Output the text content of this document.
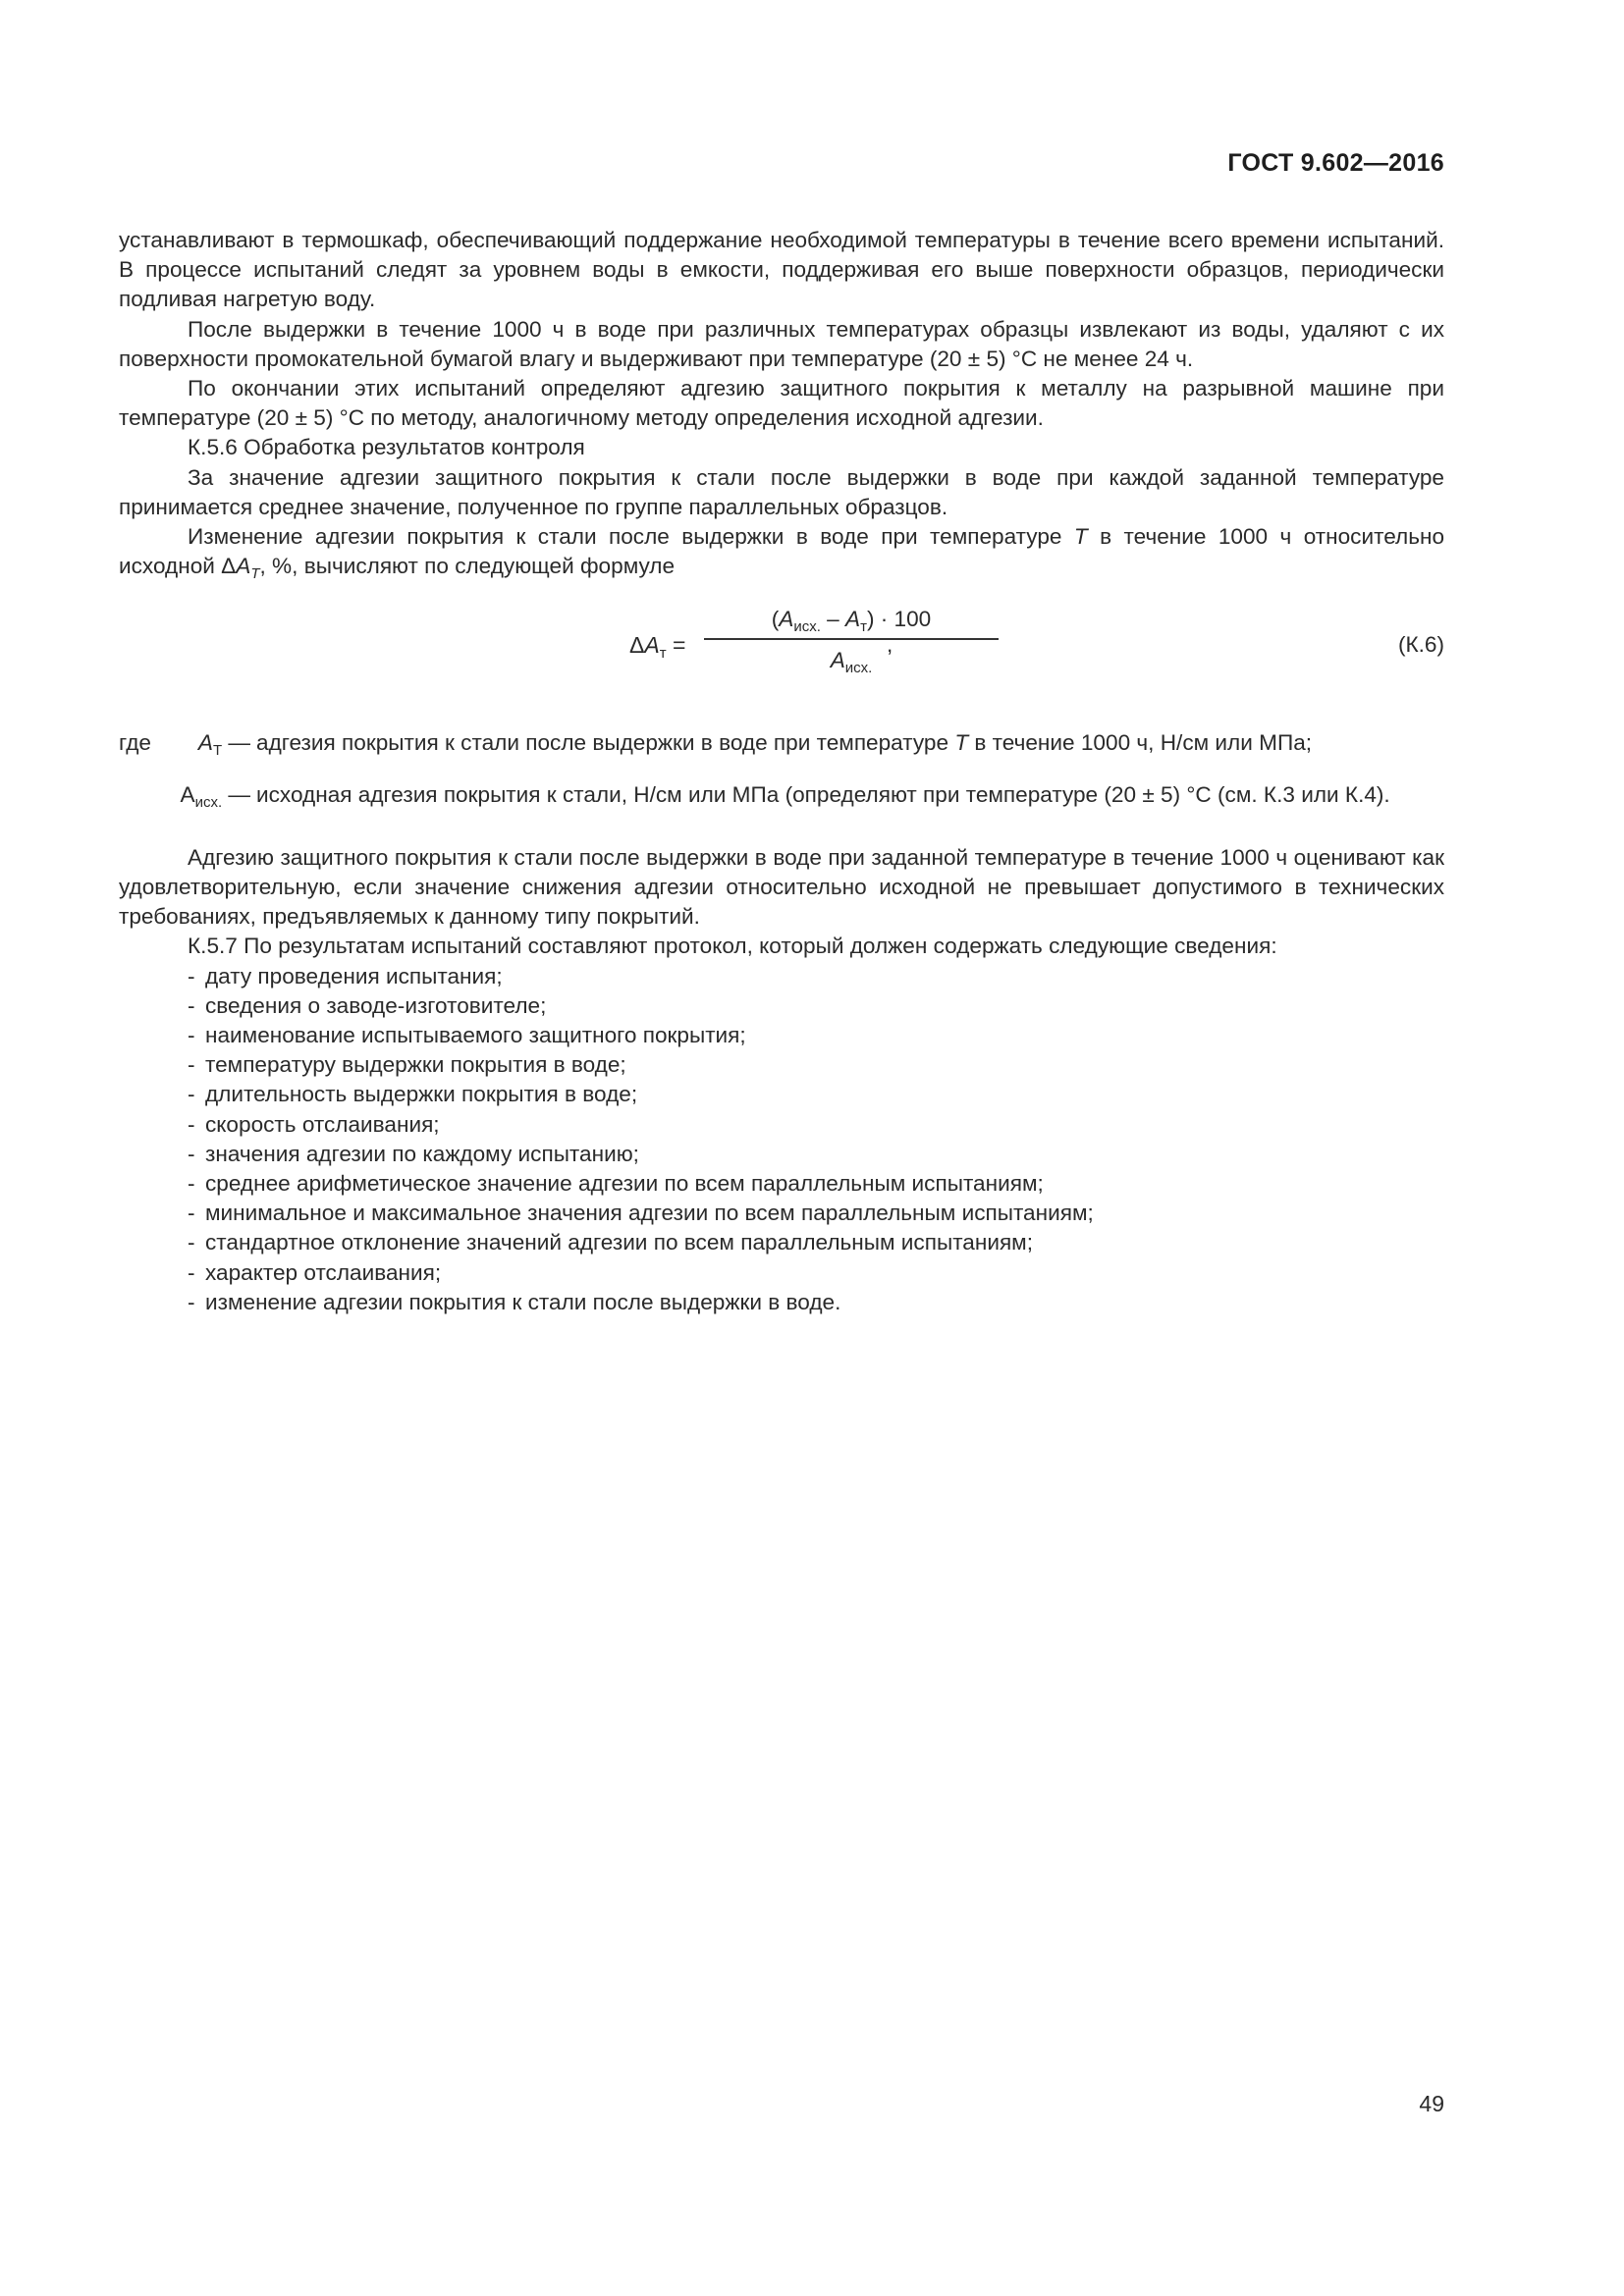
ГОСТ 9.602—2016

устанавливают в термошкаф, обеспечивающий поддержание необходимой температуры в течение всего времени испытаний. В процессе испытаний следят за уровнем воды в емкости, поддерживая его выше поверхности образцов, периодически подливая нагретую воду.

После выдержки в течение 1000 ч в воде при различных температурах образцы извлекают из воды, удаляют с их поверхности промокательной бумагой влагу и выдерживают при температуре (20 ± 5) °С не менее 24 ч.

По окончании этих испытаний определяют адгезию защитного покрытия к металлу на разрывной машине при температуре (20 ± 5) °С по методу, аналогичному методу определения исходной адгезии.

К.5.6 Обработка результатов контроля

За значение адгезии защитного покрытия к стали после выдержки в воде при каждой заданной температуре принимается среднее значение, полученное по группе параллельных образцов.

Изменение адгезии покрытия к стали после выдержки в воде при температуре T в течение 1000 ч относительно исходной $\Delta A_T$, %, вычисляют по следующей формуле

$\Delta A_т$ =
$(A_{исх.} - A_т) \cdot 100$
$A_{исх.}$
,	(К.6)
где	$A_T$ — адгезия покрытия к стали после выдержки в воде при температуре T в течение 1000 ч, Н/см или МПа;
$A_{исх.}$ — исходная адгезия покрытия к стали, Н/см или МПа (определяют при температуре (20 ± 5) °С (см. К.3 или К.4).

Адгезию защитного покрытия к стали после выдержки в воде при заданной температуре в течение 1000 ч оценивают как удовлетворительную, если значение снижения адгезии относительно исходной не превышает допустимого в технических требованиях, предъявляемых к данному типу покрытий.

К.5.7 По результатам испытаний составляют протокол, который должен содержать следующие сведения:

- дату проведения испытания;
- сведения о заводе-изготовителе;
- наименование испытываемого защитного покрытия;
- температуру выдержки покрытия в воде;
- длительность выдержки покрытия в воде;
- скорость отслаивания;
- значения адгезии по каждому испытанию;
- среднее арифметическое значение адгезии по всем параллельным испытаниям;
- минимальное и максимальное значения адгезии по всем параллельным испытаниям;
- стандартное отклонение значений адгезии по всем параллельным испытаниям;
- характер отслаивания;
- изменение адгезии покрытия к стали после выдержки в воде.
49
